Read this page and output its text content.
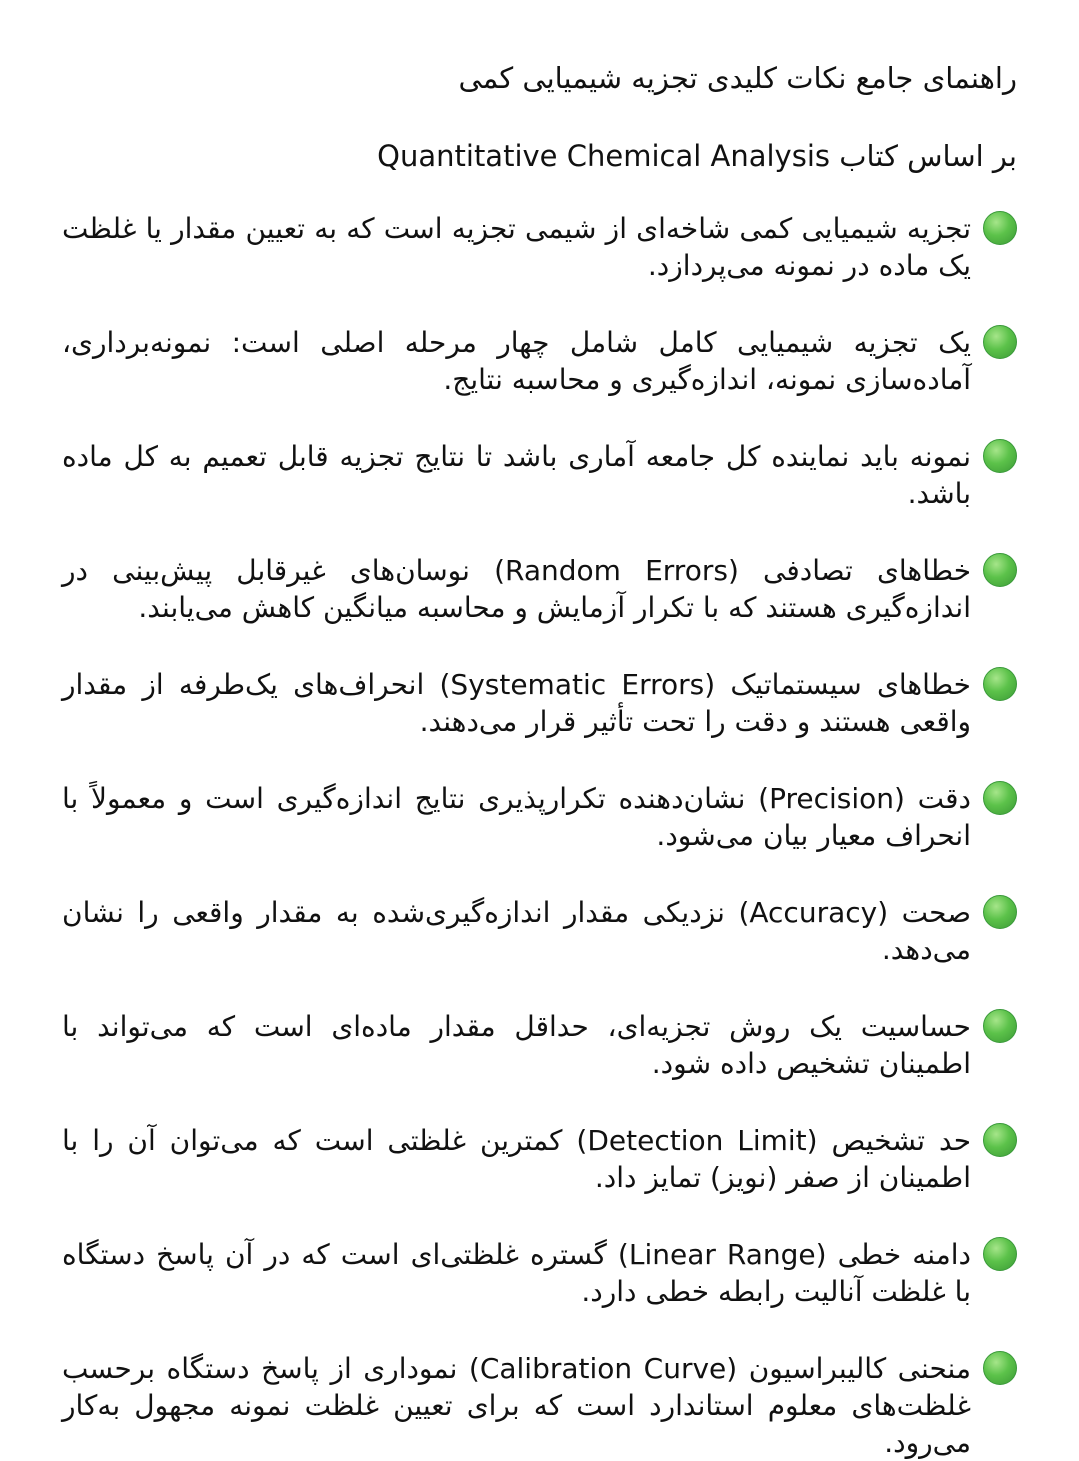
راهنمای جامع نکات کلیدی تجزیه شیمیایی کمی

بر اساس کتاب Quantitative Chemical Analysis

تجزیه شیمیایی کمی شاخه‌ای از شیمی تجزیه است که به تعیین مقدار یا غلظت یک ماده در نمونه می‌پردازد.
یک تجزیه شیمیایی کامل شامل چهار مرحله اصلی است: نمونه‌برداری، آماده‌سازی نمونه، اندازه‌گیری و محاسبه نتایج.
نمونه باید نماینده کل جامعه آماری باشد تا نتایج تجزیه قابل تعمیم به کل ماده باشد.
خطاهای تصادفی (Random Errors) نوسان‌های غیرقابل پیش‌بینی در اندازه‌گیری هستند که با تکرار آزمایش و محاسبه میانگین کاهش می‌یابند.
خطاهای سیستماتیک (Systematic Errors) انحراف‌های یک‌طرفه از مقدار واقعی هستند و دقت را تحت تأثیر قرار می‌دهند.
دقت (Precision) نشان‌دهنده تکرارپذیری نتایج اندازه‌گیری است و معمولاً با انحراف معیار بیان می‌شود.
صحت (Accuracy) نزدیکی مقدار اندازه‌گیری‌شده به مقدار واقعی را نشان می‌دهد.
حساسیت یک روش تجزیه‌ای، حداقل مقدار ماده‌ای است که می‌تواند با اطمینان تشخیص داده شود.
حد تشخیص (Detection Limit) کمترین غلظتی است که می‌توان آن را با اطمینان از صفر (نویز) تمایز داد.
دامنه خطی (Linear Range) گستره غلظتی‌ای است که در آن پاسخ دستگاه با غلظت آنالیت رابطه خطی دارد.
منحنی کالیبراسیون (Calibration Curve) نموداری از پاسخ دستگاه برحسب غلظت‌های معلوم استاندارد است که برای تعیین غلظت نمونه مجهول به‌کار می‌رود.
